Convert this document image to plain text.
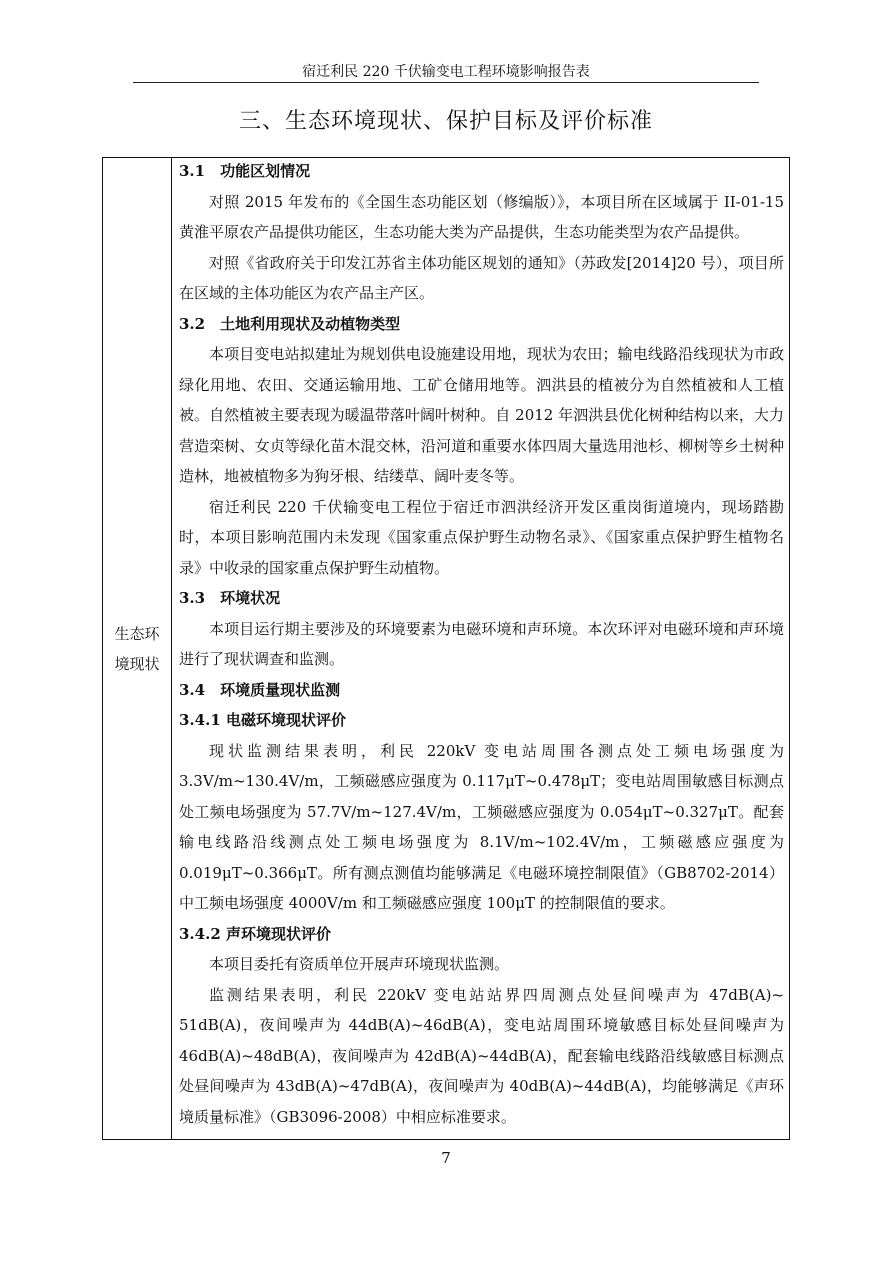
宿迁利民 220 千伏输变电工程环境影响报告表
三、生态环境现状、保护目标及评价标准
生态环
境现状
3.1　功能区划情况

对照 2015 年发布的《全国生态功能区划（修编版）》，本项目所在区域属于 II-01-15 黄淮平原农产品提供功能区，生态功能大类为产品提供，生态功能类型为农产品提供。

对照《省政府关于印发江苏省主体功能区规划的通知》（苏政发[2014]20 号），项目所在区域的主体功能区为农产品主产区。

3.2　土地利用现状及动植物类型

本项目变电站拟建址为规划供电设施建设用地，现状为农田；输电线路沿线现状为市政绿化用地、农田、交通运输用地、工矿仓储用地等。泗洪县的植被分为自然植被和人工植被。自然植被主要表现为暖温带落叶阔叶树种。自 2012 年泗洪县优化树种结构以来，大力营造栾树、女贞等绿化苗木混交林，沿河道和重要水体四周大量选用池杉、柳树等乡土树种造林，地被植物多为狗牙根、结缕草、阔叶麦冬等。

宿迁利民 220 千伏输变电工程位于宿迁市泗洪经济开发区重岗街道境内，现场踏勘时，本项目影响范围内未发现《国家重点保护野生动物名录》、《国家重点保护野生植物名录》中收录的国家重点保护野生动植物。

3.3　环境状况

本项目运行期主要涉及的环境要素为电磁环境和声环境。本次环评对电磁环境和声环境进行了现状调查和监测。

3.4　环境质量现状监测
3.4.1 电磁环境现状评价

现状监测结果表明，利民 220kV 变电站周围各测点处工频电场强度为 3.3V/m~130.4V/m，工频磁感应强度为 0.117μT~0.478μT；变电站周围敏感目标测点处工频电场强度为 57.7V/m~127.4V/m，工频磁感应强度为 0.054μT~0.327μT。配套输电线路沿线测点处工频电场强度为 8.1V/m~102.4V/m，工频磁感应强度为 0.019μT~0.366μT。所有测点测值均能够满足《电磁环境控制限值》（GB8702-2014）中工频电场强度 4000V/m 和工频磁感应强度 100μT 的控制限值的要求。

3.4.2 声环境现状评价

本项目委托有资质单位开展声环境现状监测。

监测结果表明，利民 220kV 变电站站界四周测点处昼间噪声为 47dB(A)~ 51dB(A)，夜间噪声为 44dB(A)~46dB(A)，变电站周围环境敏感目标处昼间噪声为 46dB(A)~48dB(A)，夜间噪声为 42dB(A)~44dB(A)，配套输电线路沿线敏感目标测点处昼间噪声为 43dB(A)~47dB(A)，夜间噪声为 40dB(A)~44dB(A)，均能够满足《声环境质量标准》（GB3096-2008）中相应标准要求。

7
